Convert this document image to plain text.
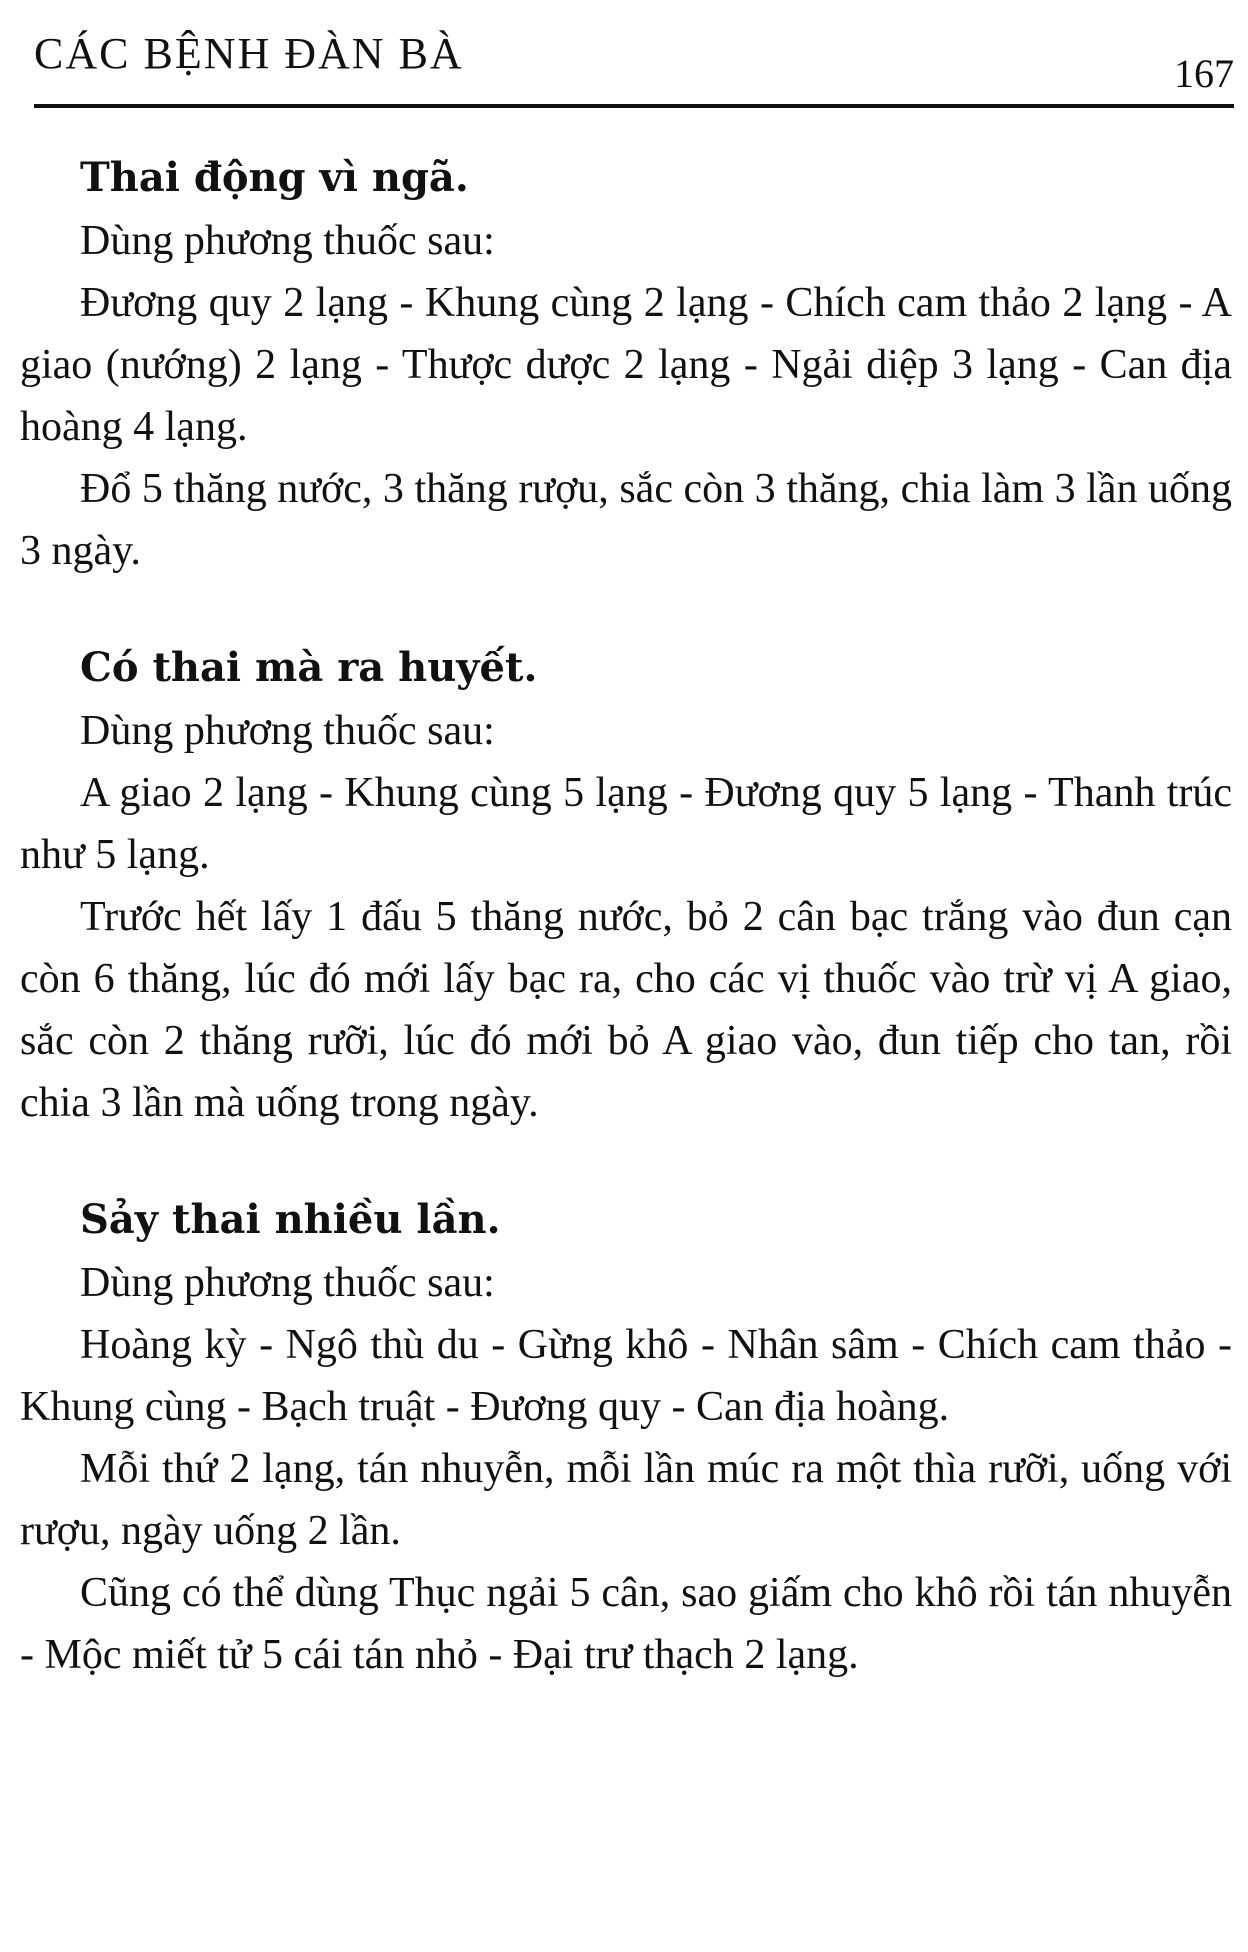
CÁC BỆNH ĐÀN BÀ	167
Thai động vì ngã.

Dùng phương thuốc sau:

Đương quy 2 lạng - Khung cùng 2 lạng - Chích cam thảo 2 lạng - A giao (nướng) 2 lạng - Thược dược 2 lạng - Ngải diệp 3 lạng - Can địa hoàng 4 lạng.

Đổ 5 thăng nước, 3 thăng rượu, sắc còn 3 thăng, chia làm 3 lần uống 3 ngày.

Có thai mà ra huyết.

Dùng phương thuốc sau:

A giao 2 lạng - Khung cùng 5 lạng - Đương quy 5 lạng - Thanh trúc như 5 lạng.

Trước hết lấy 1 đấu 5 thăng nước, bỏ 2 cân bạc trắng vào đun cạn còn 6 thăng, lúc đó mới lấy bạc ra, cho các vị thuốc vào trừ vị A giao, sắc còn 2 thăng rưỡi, lúc đó mới bỏ A giao vào, đun tiếp cho tan, rồi chia 3 lần mà uống trong ngày.

Sảy thai nhiều lần.

Dùng phương thuốc sau:

Hoàng kỳ - Ngô thù du - Gừng khô - Nhân sâm - Chích cam thảo - Khung cùng - Bạch truật - Đương quy - Can địa hoàng.

Mỗi thứ 2 lạng, tán nhuyễn, mỗi lần múc ra một thìa rưỡi, uống với rượu, ngày uống 2 lần.

Cũng có thể dùng Thục ngải 5 cân, sao giấm cho khô rồi tán nhuyễn - Mộc miết tử 5 cái tán nhỏ - Đại trư thạch 2 lạng.
